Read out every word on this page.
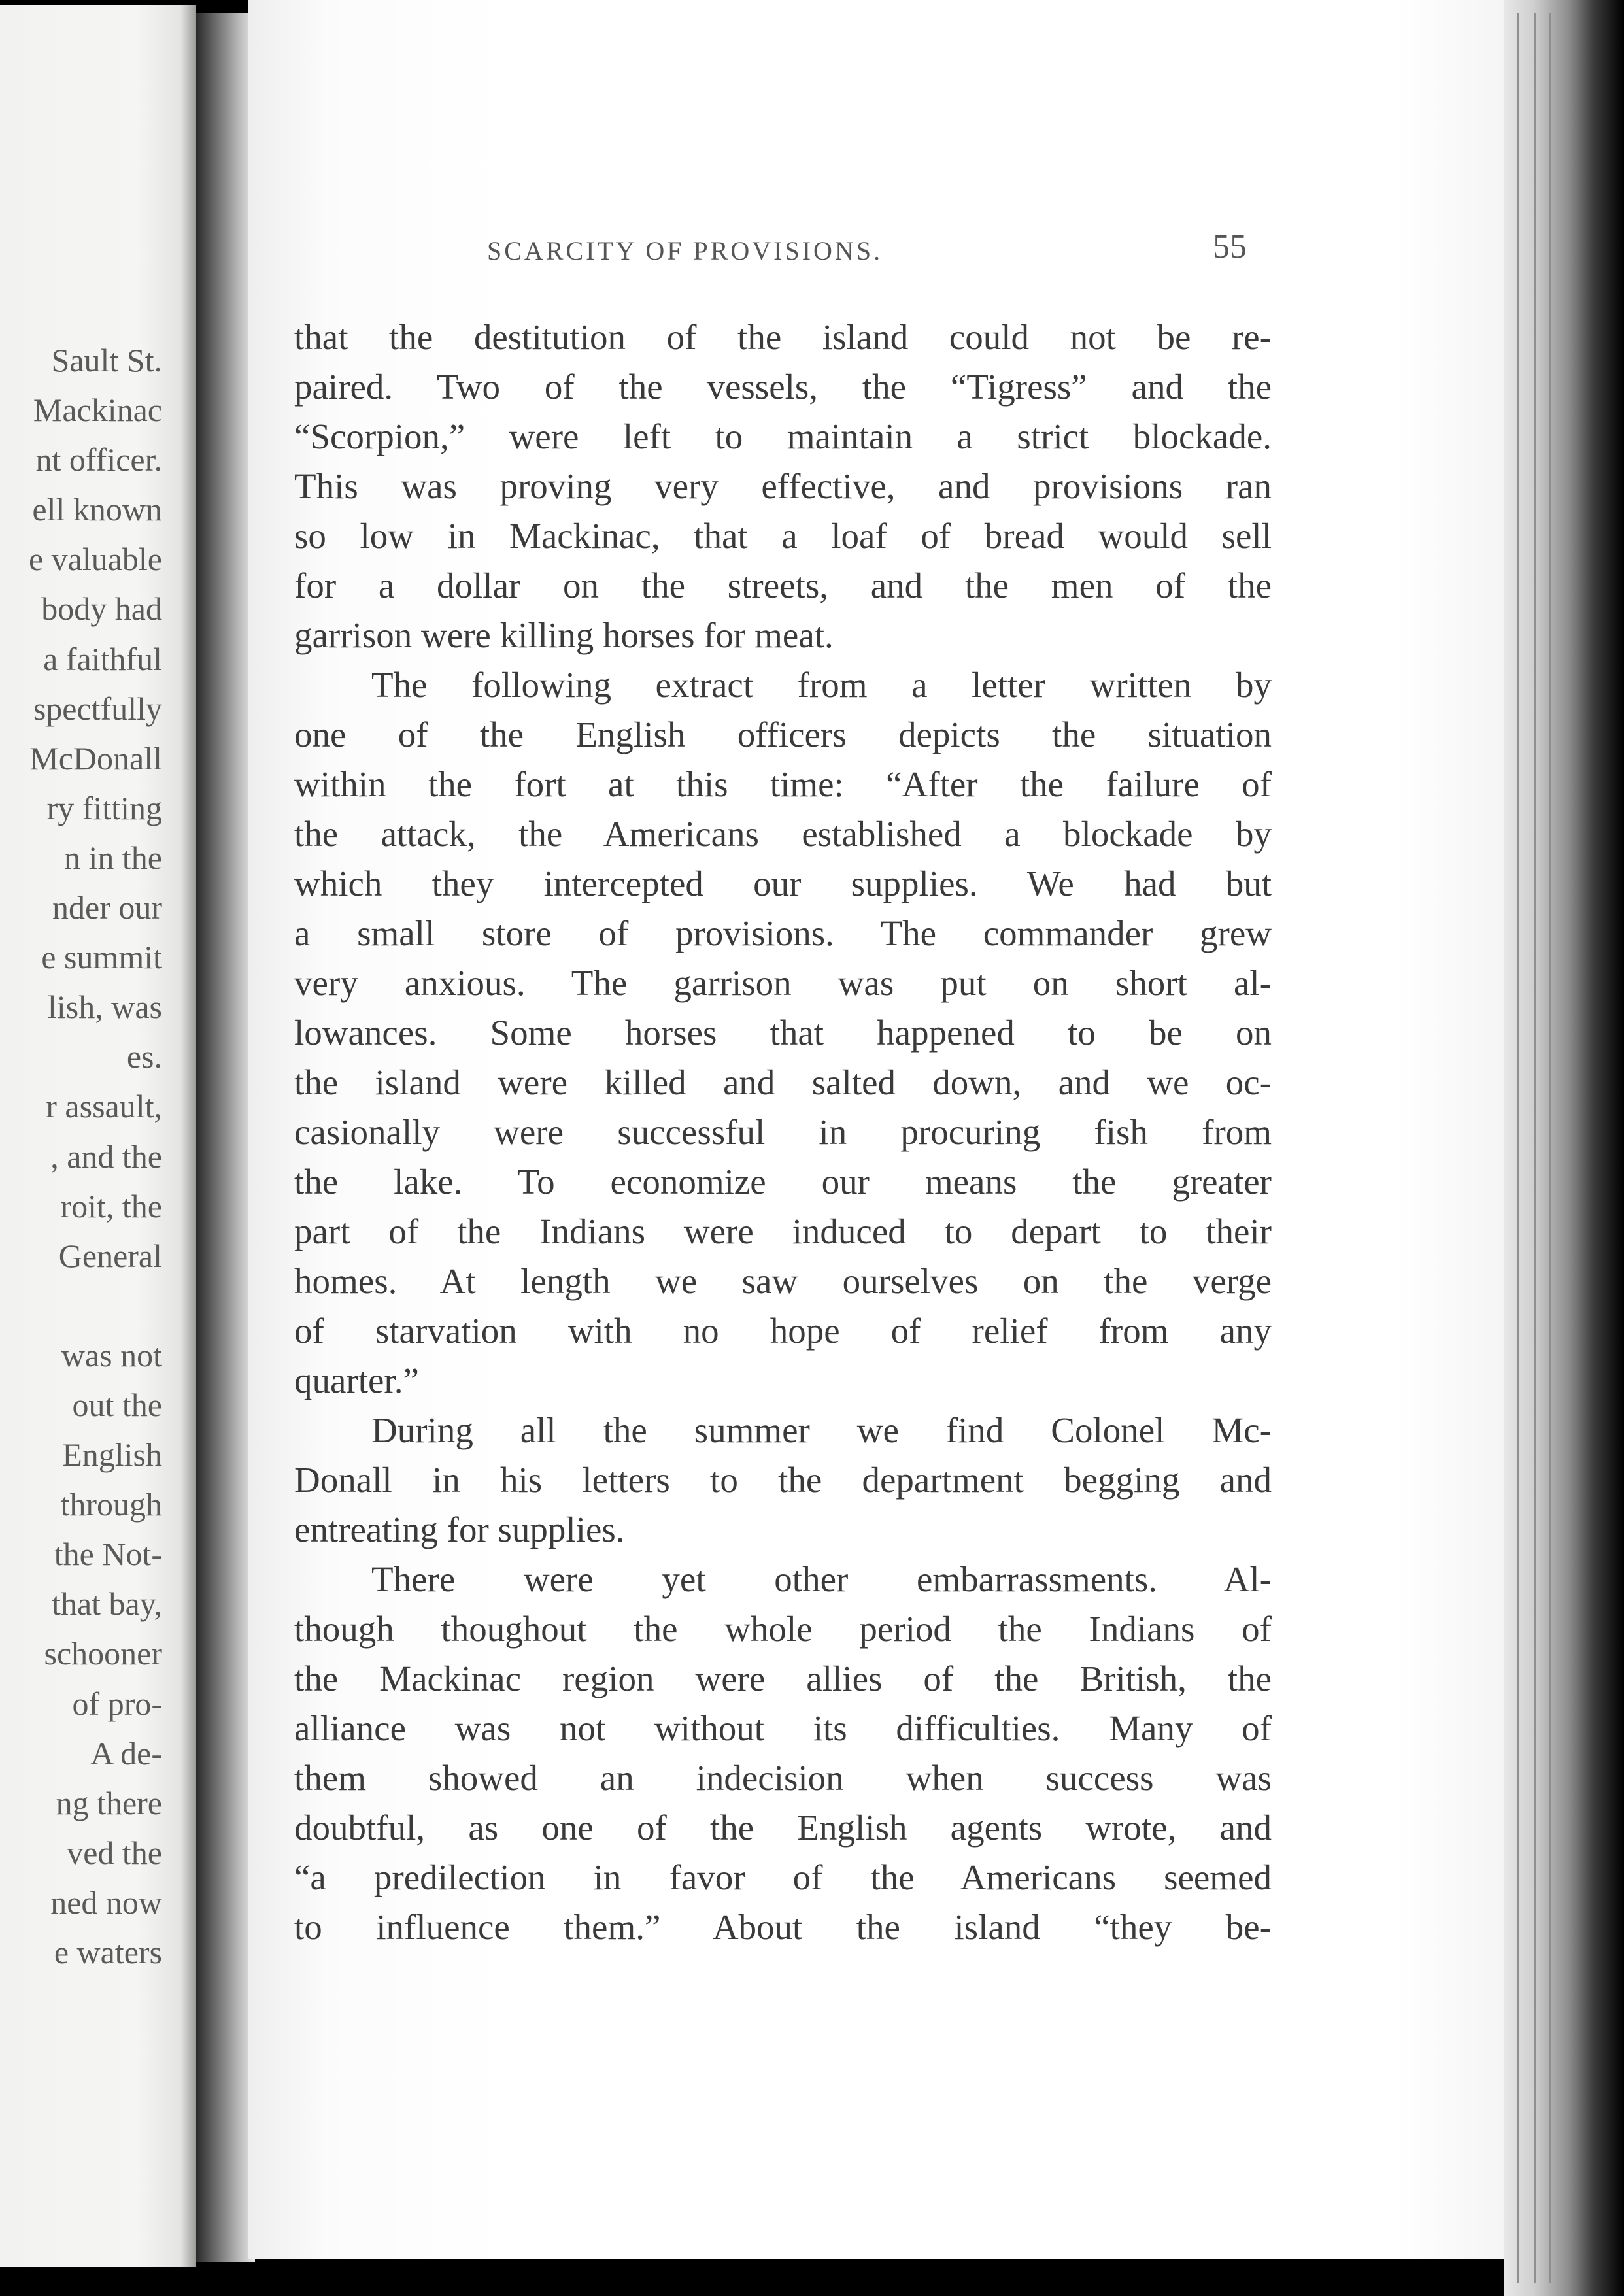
Sault St.
Mackinac
nt officer.
ell known
e valuable
body had
a faithful
spectfully
McDonall
ry fitting
n in the
nder our
e summit
lish, was
es.
r assault,
, and the
roit, the
General
was not
out the
English
through
the Not-
that bay,
schooner
of pro-
A de-
ng there
ved the
ned now
e waters
SCARCITY OF PROVISIONS.	55
that the destitution of the island could not be re-
paired. Two of the vessels, the “Tigress” and the
“Scorpion,” were left to maintain a strict blockade.
This was proving very effective, and provisions ran
so low in Mackinac, that a loaf of bread would sell
for a dollar on the streets, and the men of the
garrison were killing horses for meat.
The following extract from a letter written by
one of the English officers depicts the situation
within the fort at this time: “After the failure of
the attack, the Americans established a blockade by
which they intercepted our supplies. We had but
a small store of provisions. The commander grew
very anxious. The garrison was put on short al-
lowances. Some horses that happened to be on
the island were killed and salted down, and we oc-
casionally were successful in procuring fish from
the lake. To economize our means the greater
part of the Indians were induced to depart to their
homes. At length we saw ourselves on the verge
of starvation with no hope of relief from any
quarter.”
During all the summer we find Colonel Mc-
Donall in his letters to the department begging and
entreating for supplies.
There were yet other embarrassments. Al-
though thoughout the whole period the Indians of
the Mackinac region were allies of the British, the
alliance was not without its difficulties. Many of
them showed an indecision when success was
doubtful, as one of the English agents wrote, and
“a predilection in favor of the Americans seemed
to influence them.” About the island “they be-
